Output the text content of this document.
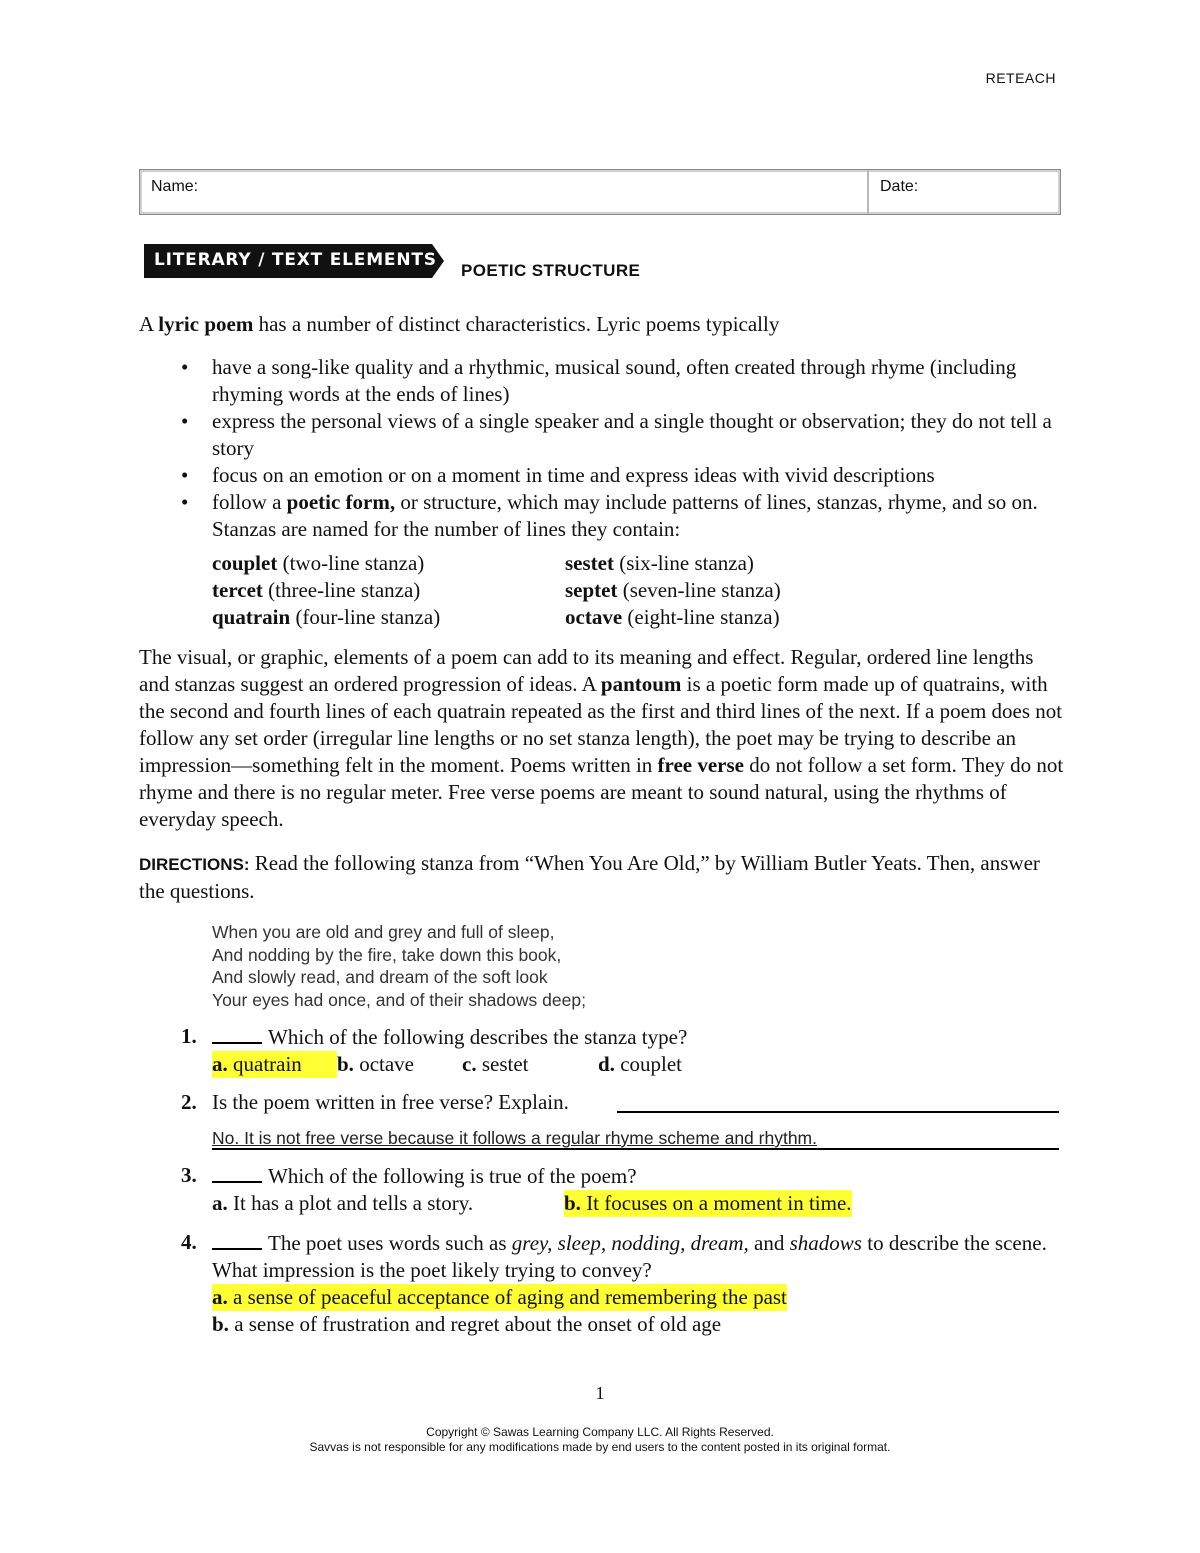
RETEACH
Name:	Date:
LITERARY / TEXT ELEMENTS
POETIC STRUCTURE
A lyric poem has a number of distinct characteristics. Lyric poems typically
• have a song-like quality and a rhythmic, musical sound, often created through rhyme (including rhyming words at the ends of lines)
• express the personal views of a single speaker and a single thought or observation; they do not tell a story
• focus on an emotion or on a moment in time and express ideas with vivid descriptions
• follow a poetic form, or structure, which may include patterns of lines, stanzas, rhyme, and so on. Stanzas are named for the number of lines they contain:
couplet (two-line stanza)	sestet (six-line stanza)
tercet (three-line stanza)	septet (seven-line stanza)
quatrain (four-line stanza)	octave (eight-line stanza)
The visual, or graphic, elements of a poem can add to its meaning and effect. Regular, ordered line lengths and stanzas suggest an ordered progression of ideas. A pantoum is a poetic form made up of quatrains, with the second and fourth lines of each quatrain repeated as the first and third lines of the next. If a poem does not follow any set order (irregular line lengths or no set stanza length), the poet may be trying to describe an impression—something felt in the moment. Poems written in free verse do not follow a set form. They do not rhyme and there is no regular meter. Free verse poems are meant to sound natural, using the rhythms of everyday speech.
DIRECTIONS: Read the following stanza from “When You Are Old,” by William Butler Yeats. Then, answer the questions.
When you are old and grey and full of sleep,
And nodding by the fire, take down this book,
And slowly read, and dream of the soft look
Your eyes had once, and of their shadows deep;
1.	Which of the following describes the stanza type?
a. quatrain b. octave c. sestet	d. couplet
2. Is the poem written in free verse? Explain.
No. It is not free verse because it follows a regular rhyme scheme and rhythm.
3.	Which of the following is true of the poem?
a. It has a plot and tells a story.	b. It focuses on a moment in time.
4.	The poet uses words such as grey, sleep, nodding, dream, and shadows to describe the scene. What impression is the poet likely trying to convey?
a. a sense of peaceful acceptance of aging and remembering the past
b. a sense of frustration and regret about the onset of old age
1
Copyright © Sawas Learning Company LLC. All Rights Reserved.
Savvas is not responsible for any modifications made by end users to the content posted in its original format.
